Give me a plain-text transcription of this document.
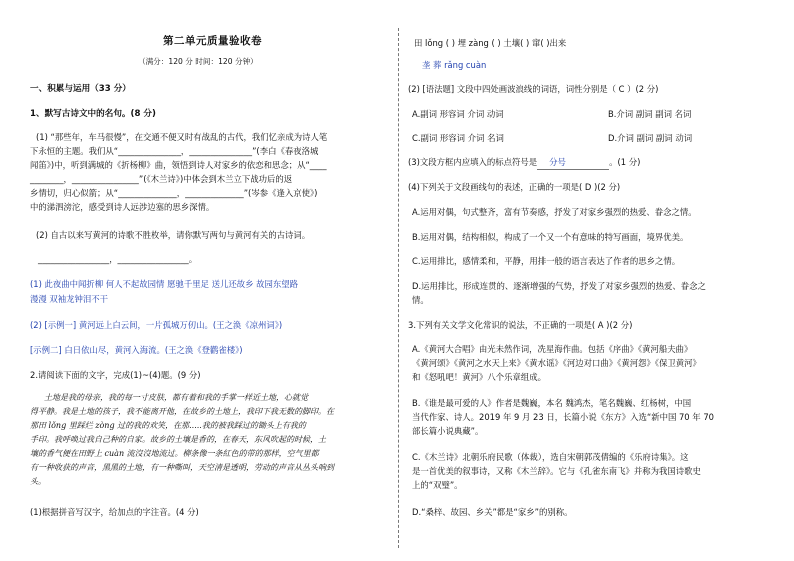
第二单元质量验收卷
（满分：120 分 时间：120 分钟）
一、积累与运用（33 分）
1、默写古诗文中的名句。(8 分)
(1) “那些年，车马很慢”，在交通不便又时有战乱的古代，我们忆亲成为诗人笔
下永恒的主题。我们从“_______________，_______________”(李白《春夜洛城
闻笛》)中，听到满城的《折杨柳》曲，领悟到诗人对家乡的依恋和思念；从“____
________，________________”(《木兰诗》)中体会到木兰立下战功后的返
乡情切，归心似箭；从“______________，______________”(岑参《逢入京使》)
中的涕泗滂沱，感受到诗人远涉边塞的思乡深情。
(2) 自古以来写黄河的诗歌不胜枚举，请你默写两句与黄河有关的古诗词。
_________________，_________________。
(1) 此夜曲中闻折柳 何人不起故园情 愿驰千里足 送儿还故乡 故园东望路
漫漫 双袖龙钟泪不干
(2) [示例一] 黄河远上白云间，一片孤城万仞山。(王之涣《凉州词》)
[示例二] 白日依山尽，黄河入海流。(王之涣《登鹳雀楼》)
2.请阅读下面的文字，完成(1)~(4)题。(9 分)
土地是我的母亲，我的每一寸皮肤，都有着和我的手掌一样近土地，心就觉
得平静。我是土地的孩子，我不能离开他，在故乡的土地上，我印下我无数的脚印。在
那田 lǒng 里踩烂 zòng 过的我的欢笑，在那.....我的被我踩过的锄头上有我的
手印。我呼唤过我自己种的自家。故乡的土壤是香的，在春天，东风吹起的时候，土
壤的香气便在田野上 cuàn 流沒沒地流过。柳条像一条紅色的带的那样，空气里都
有一种收获的声音，黑黑的土地，有一种嘶叫，天空清是透明，劳动的声音从丛头响到
头。
(1)根据拼音写汉字，给加点的字注音。(4 分)
田 lǒng ( ) 埋 zàng ( ) 土壤( ) 窜( )出来
垄 葬 rǎng cuàn
(2) [语法题] 文段中四处画波浪线的词语，词性分别是（ C ）(2 分)
A.副词 形容词 介词 动词	B.介词 副词 副词 名词
C.副词 形容词 介词 名词	D.介词 副词 副词 动词
(3)文段方框内应填入的标点符号是 分号	。(1 分)
(4)下列关于文段画线句的表述，正确的一项是( D )(2 分)
A.运用对偶，句式整齐，富有节奏感，抒发了对家乡强烈的热爱、眷念之情。
B.运用对偶，结构相似，构成了一个又一个有意味的特写画面，境界优美。
C.运用排比，感情柔和，平静，用排一般的语言表达了作者的思乡之情。
D.运用排比，形成连贯的、逐渐增强的气势，抒发了对家乡强烈的热爱、眷念之
情。
3.下列有关文学文化常识的说法，不正确的一项是( A )(2 分)
A.《黄河大合唱》由光未然作词，冼星海作曲。包括《序曲》《黄河船夫曲》
《黄河颂》《黄河之水天上来》《黄水谣》《河边对口曲》《黄河怨》《保卫黄河》
和《怒吼吧！黄河》八个乐章组成。
B.《谁是最可爱的人》作者是魏巍，本名 魏鸿杰，笔名魏巍、红杨树，中国
当代作家、诗人。2019 年 9 月 23 日，长篇小说《东方》入选“新中国 70 年 70
部长篇小说典藏”。
C.《木兰诗》北朝乐府民歌（体裁），选自宋朝郭茂倩编的《乐府诗集》。这
是一首优美的叙事诗，又称《木兰辞》。它与《孔雀东南飞》并称为我国诗歌史
上的“双璧”。
D.“桑梓、故园、乡关”都是“家乡”的别称。
